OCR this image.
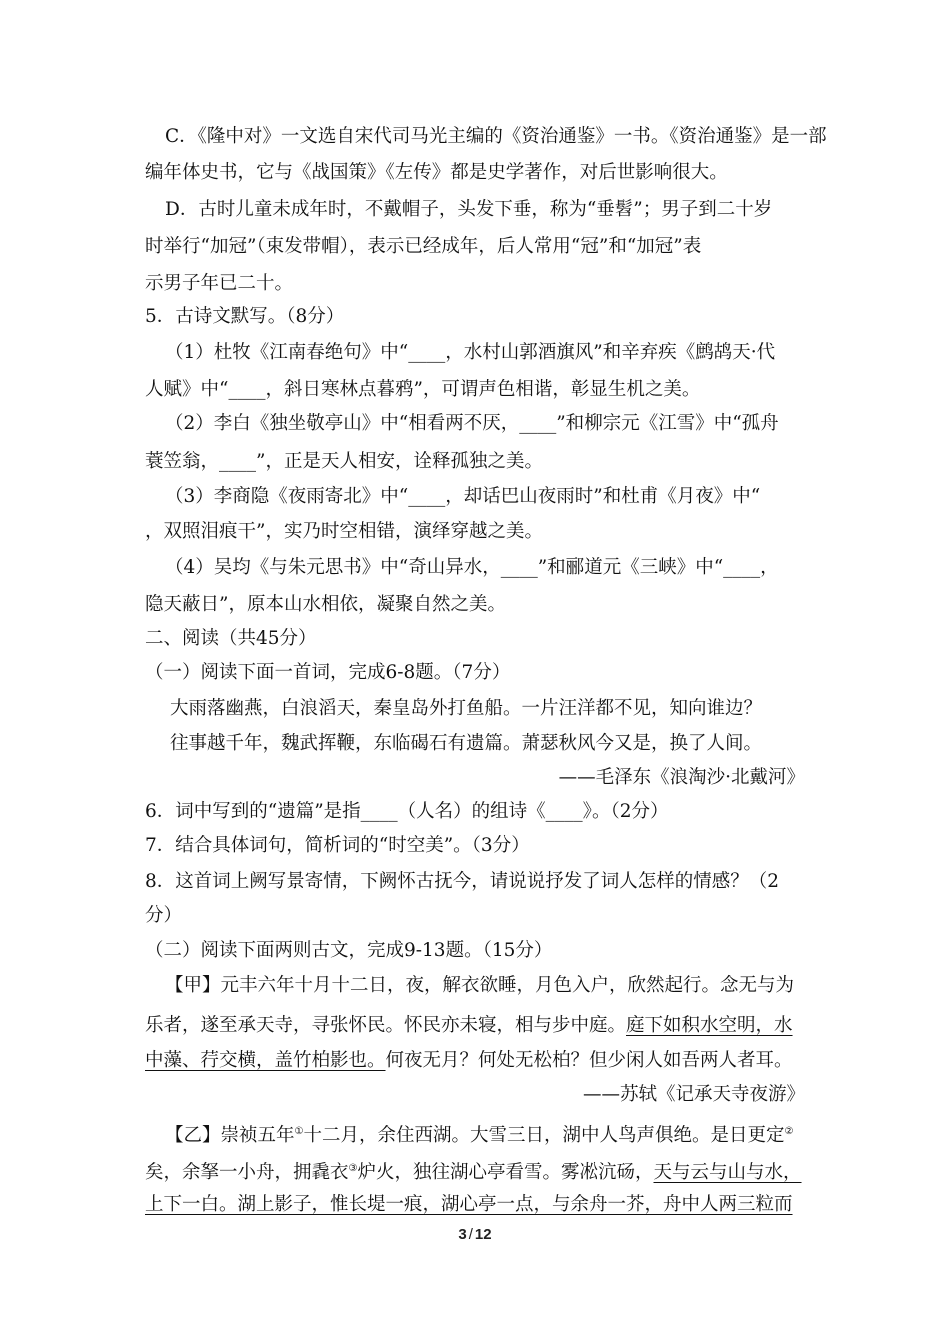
C．《隆中对》一文选自宋代司马光主编的《资治通鉴》一书。《资治通鉴》是一部
编年体史书，它与《战国策》《左传》都是史学著作，对后世影响很大。
D．古时儿童未成年时，不戴帽子，头发下垂，称为“垂髫”；男子到二十岁
时举行“加冠”（束发带帽），表示已经成年，后人常用“冠”和“加冠”表
示男子年已二十。
5．古诗文默写。（8分）
（1）杜牧《江南春绝句》中“____，水村山郭酒旗风”和辛弃疾《鹧鸪天·代
人赋》中“____，斜日寒林点暮鸦”，可谓声色相谐，彰显生机之美。
（2）李白《独坐敬亭山》中“相看两不厌，____”和柳宗元《江雪》中“孤舟
蓑笠翁，____”，正是天人相安，诠释孤独之美。
（3）李商隐《夜雨寄北》中“____，却话巴山夜雨时”和杜甫《月夜》中“
，双照泪痕干”，实乃时空相错，演绎穿越之美。
（4）吴均《与朱元思书》中“奇山异水，____”和郦道元《三峡》中“____，
隐天蔽日”，原本山水相依，凝聚自然之美。
二、阅读（共45分）
（一）阅读下面一首词，完成6-8题。（7分）
大雨落幽燕，白浪滔天，秦皇岛外打鱼船。一片汪洋都不见，知向谁边？
往事越千年，魏武挥鞭，东临碣石有遗篇。萧瑟秋风今又是，换了人间。
——毛泽东《浪淘沙·北戴河》
6．词中写到的“遗篇”是指____（人名）的组诗《____》。（2分）
7．结合具体词句，简析词的“时空美”。（3分）
8．这首词上阙写景寄情，下阙怀古抚今，请说说抒发了词人怎样的情感？（2
分）
（二）阅读下面两则古文，完成9-13题。（15分）
【甲】元丰六年十月十二日，夜，解衣欲睡，月色入户，欣然起行。念无与为
乐者，遂至承天寺，寻张怀民。怀民亦未寝，相与步中庭。庭下如积水空明，水
中藻、荇交横，盖竹柏影也。何夜无月？何处无松柏？但少闲人如吾两人者耳。
——苏轼《记承天寺夜游》
【乙】崇祯五年①十二月，余住西湖。大雪三日，湖中人鸟声俱绝。是日更定②
矣，余拏一小舟，拥毳衣③炉火，独往湖心亭看雪。雾凇沆砀，天与云与山与水，
上下一白。湖上影子，惟长堤一痕，湖心亭一点，与余舟一芥，舟中人两三粒而
3 / 12
